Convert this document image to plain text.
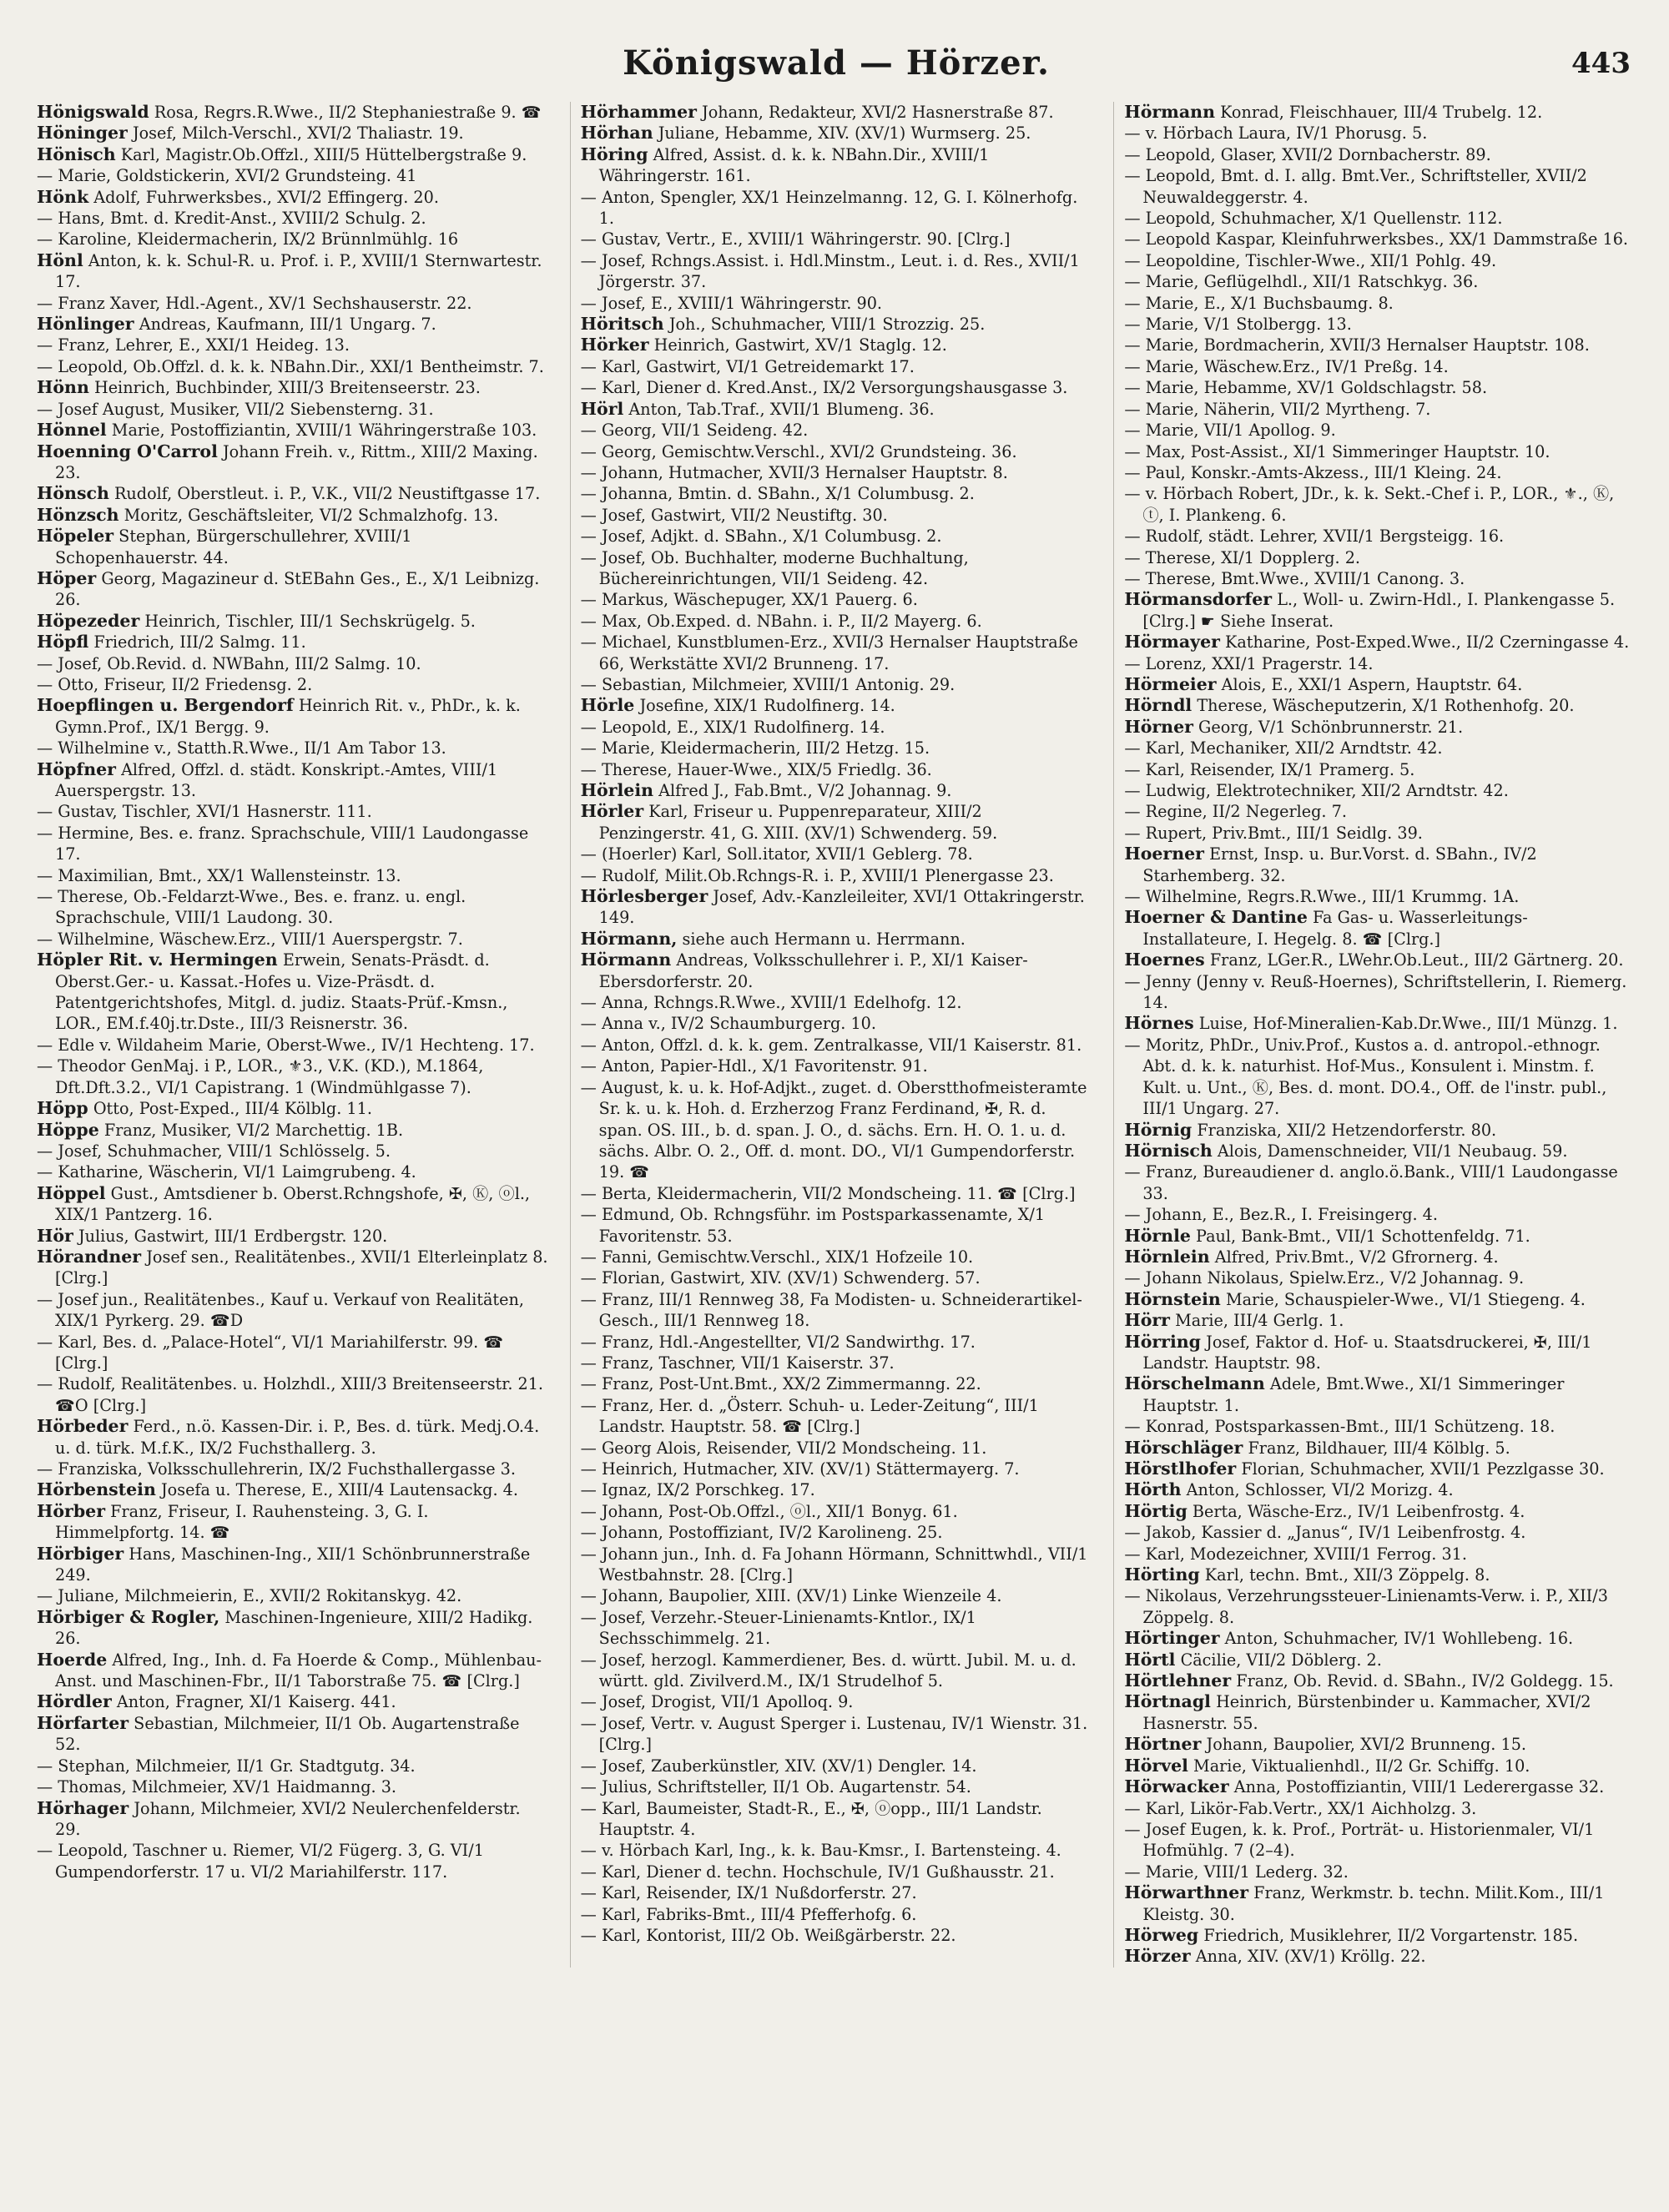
Königswald — Hörzer.	443
Hönigswald Rosa, Regrs.R.Wwe., II/2 Stephaniestraße 9. ☎
Höninger Josef, Milch-Verschl., XVI/2 Thaliastr. 19.
Hönisch Karl, Magistr.Ob.Offzl., XIII/5 Hüttelbergstraße 9.
— Marie, Goldstickerin, XVI/2 Grundsteing. 41
Hönk Adolf, Fuhrwerksbes., XVI/2 Effingerg. 20.
— Hans, Bmt. d. Kredit-Anst., XVIII/2 Schulg. 2.
— Karoline, Kleidermacherin, IX/2 Brünnlmühlg. 16
Hönl Anton, k. k. Schul-R. u. Prof. i. P., XVIII/1 Sternwartestr. 17.
— Franz Xaver, Hdl.-Agent., XV/1 Sechshauserstr. 22.
Hönlinger Andreas, Kaufmann, III/1 Ungarg. 7.
— Franz, Lehrer, E., XXI/1 Heideg. 13.
— Leopold, Ob.Offzl. d. k. k. NBahn.Dir., XXI/1 Bentheimstr. 7.
Hönn Heinrich, Buchbinder, XIII/3 Breitenseerstr. 23.
— Josef August, Musiker, VII/2 Siebensterng. 31.
Hönnel Marie, Postoffiziantin, XVIII/1 Währingerstraße 103.
Hoenning O'Carrol Johann Freih. v., Rittm., XIII/2 Maxing. 23.
Hönsch Rudolf, Oberstleut. i. P., V.K., VII/2 Neustiftgasse 17.
Hönzsch Moritz, Geschäftsleiter, VI/2 Schmalzhofg. 13.
Höpeler Stephan, Bürgerschullehrer, XVIII/1 Schopenhauerstr. 44.
Höper Georg, Magazineur d. StEBahn Ges., E., X/1 Leibnizg. 26.
Höpezeder Heinrich, Tischler, III/1 Sechskrügelg. 5.
Höpfl Friedrich, III/2 Salmg. 11.
— Josef, Ob.Revid. d. NWBahn, III/2 Salmg. 10.
— Otto, Friseur, II/2 Friedensg. 2.
Hoepflingen u. Bergendorf Heinrich Rit. v., PhDr., k. k. Gymn.Prof., IX/1 Bergg. 9.
— Wilhelmine v., Statth.R.Wwe., II/1 Am Tabor 13.
Höpfner Alfred, Offzl. d. städt. Konskript.-Amtes, VIII/1 Auerspergstr. 13.
— Gustav, Tischler, XVI/1 Hasnerstr. 111.
— Hermine, Bes. e. franz. Sprachschule, VIII/1 Laudongasse 17.
— Maximilian, Bmt., XX/1 Wallensteinstr. 13.
— Therese, Ob.-Feldarzt-Wwe., Bes. e. franz. u. engl. Sprachschule, VIII/1 Laudong. 30.
— Wilhelmine, Wäschew.Erz., VIII/1 Auerspergstr. 7.
Höpler Rit. v. Hermingen Erwein, Senats-Präsdt. d. Oberst.Ger.- u. Kassat.-Hofes u. Vize-Präsdt. d. Patentgerichtshofes, Mitgl. d. judiz. Staats-Prüf.-Kmsn., LOR., EM.f.40j.tr.Dste., III/3 Reisnerstr. 36.
— Edle v. Wildaheim Marie, Oberst-Wwe., IV/1 Hechteng. 17.
— Theodor GenMaj. i P., LOR., ⚜3., V.K. (KD.), M.1864, Dft.Dft.3.2., VI/1 Capistrang. 1 (Windmühlgasse 7).
Höpp Otto, Post-Exped., III/4 Kölblg. 11.
Höppe Franz, Musiker, VI/2 Marchettig. 1B.
— Josef, Schuhmacher, VIII/1 Schlösselg. 5.
— Katharine, Wäscherin, VI/1 Laimgrubeng. 4.
Höppel Gust., Amtsdiener b. Oberst.Rchngshofe, ✠, Ⓚ, ⓞl., XIX/1 Pantzerg. 16.
Hör Julius, Gastwirt, III/1 Erdbergstr. 120.
Hörandner Josef sen., Realitätenbes., XVII/1 Elterleinplatz 8. [Clrg.]
— Josef jun., Realitätenbes., Kauf u. Verkauf von Realitäten, XIX/1 Pyrkerg. 29. ☎D
— Karl, Bes. d. „Palace-Hotel“, VI/1 Mariahilferstr. 99. ☎ [Clrg.]
— Rudolf, Realitätenbes. u. Holzhdl., XIII/3 Breitenseerstr. 21. ☎O [Clrg.]
Hörbeder Ferd., n.ö. Kassen-Dir. i. P., Bes. d. türk. Medj.O.4. u. d. türk. M.f.K., IX/2 Fuchsthallerg. 3.
— Franziska, Volksschullehrerin, IX/2 Fuchsthallergasse 3.
Hörbenstein Josefa u. Therese, E., XIII/4 Lautensackg. 4.
Hörber Franz, Friseur, I. Rauhensteing. 3, G. I. Himmelpfortg. 14. ☎
Hörbiger Hans, Maschinen-Ing., XII/1 Schönbrunnerstraße 249.
— Juliane, Milchmeierin, E., XVII/2 Rokitanskyg. 42.
Hörbiger & Rogler, Maschinen-Ingenieure, XIII/2 Hadikg. 26.
Hoerde Alfred, Ing., Inh. d. Fa Hoerde & Comp., Mühlenbau-Anst. und Maschinen-Fbr., II/1 Taborstraße 75. ☎ [Clrg.]
Hördler Anton, Fragner, XI/1 Kaiserg. 441.
Hörfarter Sebastian, Milchmeier, II/1 Ob. Augartenstraße 52.
— Stephan, Milchmeier, II/1 Gr. Stadtgutg. 34.
— Thomas, Milchmeier, XV/1 Haidmanng. 3.
Hörhager Johann, Milchmeier, XVI/2 Neulerchenfelderstr. 29.
— Leopold, Taschner u. Riemer, VI/2 Fügerg. 3, G. VI/1 Gumpendorferstr. 17 u. VI/2 Mariahilferstr. 117.
Hörhammer Johann, Redakteur, XVI/2 Hasnerstraße 87.
Hörhan Juliane, Hebamme, XIV. (XV/1) Wurmserg. 25.
Höring Alfred, Assist. d. k. k. NBahn.Dir., XVIII/1 Währingerstr. 161.
— Anton, Spengler, XX/1 Heinzelmanng. 12, G. I. Kölnerhofg. 1.
— Gustav, Vertr., E., XVIII/1 Währingerstr. 90. [Clrg.]
— Josef, Rchngs.Assist. i. Hdl.Minstm., Leut. i. d. Res., XVII/1 Jörgerstr. 37.
— Josef, E., XVIII/1 Währingerstr. 90.
Höritsch Joh., Schuhmacher, VIII/1 Strozzig. 25.
Hörker Heinrich, Gastwirt, XV/1 Staglg. 12.
— Karl, Gastwirt, VI/1 Getreidemarkt 17.
— Karl, Diener d. Kred.Anst., IX/2 Versorgungshausgasse 3.
Hörl Anton, Tab.Traf., XVII/1 Blumeng. 36.
— Georg, VII/1 Seideng. 42.
— Georg, Gemischtw.Verschl., XVI/2 Grundsteing. 36.
— Johann, Hutmacher, XVII/3 Hernalser Hauptstr. 8.
— Johanna, Bmtin. d. SBahn., X/1 Columbusg. 2.
— Josef, Gastwirt, VII/2 Neustiftg. 30.
— Josef, Adjkt. d. SBahn., X/1 Columbusg. 2.
— Josef, Ob. Buchhalter, moderne Buchhaltung, Büchereinrichtungen, VII/1 Seideng. 42.
— Markus, Wäschepuger, XX/1 Pauerg. 6.
— Max, Ob.Exped. d. NBahn. i. P., II/2 Mayerg. 6.
— Michael, Kunstblumen-Erz., XVII/3 Hernalser Hauptstraße 66, Werkstätte XVI/2 Brunneng. 17.
— Sebastian, Milchmeier, XVIII/1 Antonig. 29.
Hörle Josefine, XIX/1 Rudolfinerg. 14.
— Leopold, E., XIX/1 Rudolfinerg. 14.
— Marie, Kleidermacherin, III/2 Hetzg. 15.
— Therese, Hauer-Wwe., XIX/5 Friedlg. 36.
Hörlein Alfred J., Fab.Bmt., V/2 Johannag. 9.
Hörler Karl, Friseur u. Puppenreparateur, XIII/2 Penzingerstr. 41, G. XIII. (XV/1) Schwenderg. 59.
— (Hoerler) Karl, Soll.itator, XVII/1 Geblerg. 78.
— Rudolf, Milit.Ob.Rchngs-R. i. P., XVIII/1 Plenergasse 23.
Hörlesberger Josef, Adv.-Kanzleileiter, XVI/1 Ottakringerstr. 149.
Hörmann, siehe auch Hermann u. Herrmann.
Hörmann Andreas, Volksschullehrer i. P., XI/1 Kaiser-Ebersdorferstr. 20.
— Anna, Rchngs.R.Wwe., XVIII/1 Edelhofg. 12.
— Anna v., IV/2 Schaumburgerg. 10.
— Anton, Offzl. d. k. k. gem. Zentralkasse, VII/1 Kaiserstr. 81.
— Anton, Papier-Hdl., X/1 Favoritenstr. 91.
— August, k. u. k. Hof-Adjkt., zuget. d. Oberstthofmeisteramte Sr. k. u. k. Hoh. d. Erzherzog Franz Ferdinand, ✠, R. d. span. OS. III., b. d. span. J. O., d. sächs. Ern. H. O. 1. u. d. sächs. Albr. O. 2., Off. d. mont. DO., VI/1 Gumpendorferstr. 19. ☎
— Berta, Kleidermacherin, VII/2 Mondscheing. 11. ☎ [Clrg.]
— Edmund, Ob. Rchngsführ. im Postsparkassenamte, X/1 Favoritenstr. 53.
— Fanni, Gemischtw.Verschl., XIX/1 Hofzeile 10.
— Florian, Gastwirt, XIV. (XV/1) Schwenderg. 57.
— Franz, III/1 Rennweg 38, Fa Modisten- u. Schneiderartikel-Gesch., III/1 Rennweg 18.
— Franz, Hdl.-Angestellter, VI/2 Sandwirthg. 17.
— Franz, Taschner, VII/1 Kaiserstr. 37.
— Franz, Post-Unt.Bmt., XX/2 Zimmermanng. 22.
— Franz, Her. d. „Österr. Schuh- u. Leder-Zeitung“, III/1 Landstr. Hauptstr. 58. ☎ [Clrg.]
— Georg Alois, Reisender, VII/2 Mondscheing. 11.
— Heinrich, Hutmacher, XIV. (XV/1) Stättermayerg. 7.
— Ignaz, IX/2 Porschkeg. 17.
— Johann, Post-Ob.Offzl., ⓞl., XII/1 Bonyg. 61.
— Johann, Postoffiziant, IV/2 Karolineng. 25.
— Johann jun., Inh. d. Fa Johann Hörmann, Schnittwhdl., VII/1 Westbahnstr. 28. [Clrg.]
— Johann, Baupolier, XIII. (XV/1) Linke Wienzeile 4.
— Josef, Verzehr.-Steuer-Linienamts-Kntlor., IX/1 Sechsschimmelg. 21.
— Josef, herzogl. Kammerdiener, Bes. d. württ. Jubil. M. u. d. württ. gld. Zivilverd.M., IX/1 Strudelhof 5.
— Josef, Drogist, VII/1 Apolloq. 9.
— Josef, Vertr. v. August Sperger i. Lustenau, IV/1 Wienstr. 31. [Clrg.]
— Josef, Zauberkünstler, XIV. (XV/1) Dengler. 14.
— Julius, Schriftsteller, II/1 Ob. Augartenstr. 54.
— Karl, Baumeister, Stadt-R., E., ✠, ⓞopp., III/1 Landstr. Hauptstr. 4.
— v. Hörbach Karl, Ing., k. k. Bau-Kmsr., I. Bartensteing. 4.
— Karl, Diener d. techn. Hochschule, IV/1 Gußhausstr. 21.
— Karl, Reisender, IX/1 Nußdorferstr. 27.
— Karl, Fabriks-Bmt., III/4 Pfefferhofg. 6.
— Karl, Kontorist, III/2 Ob. Weißgärberstr. 22.
Hörmann Konrad, Fleischhauer, III/4 Trubelg. 12.
— v. Hörbach Laura, IV/1 Phorusg. 5.
— Leopold, Glaser, XVII/2 Dornbacherstr. 89.
— Leopold, Bmt. d. I. allg. Bmt.Ver., Schriftsteller, XVII/2 Neuwaldeggerstr. 4.
— Leopold, Schuhmacher, X/1 Quellenstr. 112.
— Leopold Kaspar, Kleinfuhrwerksbes., XX/1 Dammstraße 16.
— Leopoldine, Tischler-Wwe., XII/1 Pohlg. 49.
— Marie, Geflügelhdl., XII/1 Ratschkyg. 36.
— Marie, E., X/1 Buchsbaumg. 8.
— Marie, V/1 Stolbergg. 13.
— Marie, Bordmacherin, XVII/3 Hernalser Hauptstr. 108.
— Marie, Wäschew.Erz., IV/1 Preßg. 14.
— Marie, Hebamme, XV/1 Goldschlagstr. 58.
— Marie, Näherin, VII/2 Myrtheng. 7.
— Marie, VII/1 Apollog. 9.
— Max, Post-Assist., XI/1 Simmeringer Hauptstr. 10.
— Paul, Konskr.-Amts-Akzess., III/1 Kleing. 24.
— v. Hörbach Robert, JDr., k. k. Sekt.-Chef i. P., LOR., ⚜., Ⓚ, ⓣ, I. Plankeng. 6.
— Rudolf, städt. Lehrer, XVII/1 Bergsteigg. 16.
— Therese, XI/1 Dopplerg. 2.
— Therese, Bmt.Wwe., XVIII/1 Canong. 3.
Hörmansdorfer L., Woll- u. Zwirn-Hdl., I. Plankengasse 5. [Clrg.] ☛ Siehe Inserat.
Hörmayer Katharine, Post-Exped.Wwe., II/2 Czerningasse 4.
— Lorenz, XXI/1 Pragerstr. 14.
Hörmeier Alois, E., XXI/1 Aspern, Hauptstr. 64.
Hörndl Therese, Wäscheputzerin, X/1 Rothenhofg. 20.
Hörner Georg, V/1 Schönbrunnerstr. 21.
— Karl, Mechaniker, XII/2 Arndtstr. 42.
— Karl, Reisender, IX/1 Pramerg. 5.
— Ludwig, Elektrotechniker, XII/2 Arndtstr. 42.
— Regine, II/2 Negerleg. 7.
— Rupert, Priv.Bmt., III/1 Seidlg. 39.
Hoerner Ernst, Insp. u. Bur.Vorst. d. SBahn., IV/2 Starhemberg. 32.
— Wilhelmine, Regrs.R.Wwe., III/1 Krummg. 1A.
Hoerner & Dantine Fa Gas- u. Wasserleitungs-Installateure, I. Hegelg. 8. ☎ [Clrg.]
Hoernes Franz, LGer.R., LWehr.Ob.Leut., III/2 Gärtnerg. 20.
— Jenny (Jenny v. Reuß-Hoernes), Schriftstellerin, I. Riemerg. 14.
Hörnes Luise, Hof-Mineralien-Kab.Dr.Wwe., III/1 Münzg. 1.
— Moritz, PhDr., Univ.Prof., Kustos a. d. antropol.-ethnogr. Abt. d. k. k. naturhist. Hof-Mus., Konsulent i. Minstm. f. Kult. u. Unt., Ⓚ, Bes. d. mont. DO.4., Off. de l'instr. publ., III/1 Ungarg. 27.
Hörnig Franziska, XII/2 Hetzendorferstr. 80.
Hörnisch Alois, Damenschneider, VII/1 Neubaug. 59.
— Franz, Bureaudiener d. anglo.ö.Bank., VIII/1 Laudongasse 33.
— Johann, E., Bez.R., I. Freisingerg. 4.
Hörnle Paul, Bank-Bmt., VII/1 Schottenfeldg. 71.
Hörnlein Alfred, Priv.Bmt., V/2 Gfrornerg. 4.
— Johann Nikolaus, Spielw.Erz., V/2 Johannag. 9.
Hörnstein Marie, Schauspieler-Wwe., VI/1 Stiegeng. 4.
Hörr Marie, III/4 Gerlg. 1.
Hörring Josef, Faktor d. Hof- u. Staatsdruckerei, ✠, III/1 Landstr. Hauptstr. 98.
Hörschelmann Adele, Bmt.Wwe., XI/1 Simmeringer Hauptstr. 1.
— Konrad, Postsparkassen-Bmt., III/1 Schützeng. 18.
Hörschläger Franz, Bildhauer, III/4 Kölblg. 5.
Hörstlhofer Florian, Schuhmacher, XVII/1 Pezzlgasse 30.
Hörth Anton, Schlosser, VI/2 Morizg. 4.
Hörtig Berta, Wäsche-Erz., IV/1 Leibenfrostg. 4.
— Jakob, Kassier d. „Janus“, IV/1 Leibenfrostg. 4.
— Karl, Modezeichner, XVIII/1 Ferrog. 31.
Hörting Karl, techn. Bmt., XII/3 Zöppelg. 8.
— Nikolaus, Verzehrungssteuer-Linienamts-Verw. i. P., XII/3 Zöppelg. 8.
Hörtinger Anton, Schuhmacher, IV/1 Wohllebeng. 16.
Hörtl Cäcilie, VII/2 Döblerg. 2.
Hörtlehner Franz, Ob. Revid. d. SBahn., IV/2 Goldegg. 15.
Hörtnagl Heinrich, Bürstenbinder u. Kammacher, XVI/2 Hasnerstr. 55.
Hörtner Johann, Baupolier, XVI/2 Brunneng. 15.
Hörvel Marie, Viktualienhdl., II/2 Gr. Schiffg. 10.
Hörwacker Anna, Postoffiziantin, VIII/1 Lederergasse 32.
— Karl, Likör-Fab.Vertr., XX/1 Aichholzg. 3.
— Josef Eugen, k. k. Prof., Porträt- u. Historienmaler, VI/1 Hofmühlg. 7 (2–4).
— Marie, VIII/1 Lederg. 32.
Hörwarthner Franz, Werkmstr. b. techn. Milit.Kom., III/1 Kleistg. 30.
Hörweg Friedrich, Musiklehrer, II/2 Vorgartenstr. 185.
Hörzer Anna, XIV. (XV/1) Kröllg. 22.
